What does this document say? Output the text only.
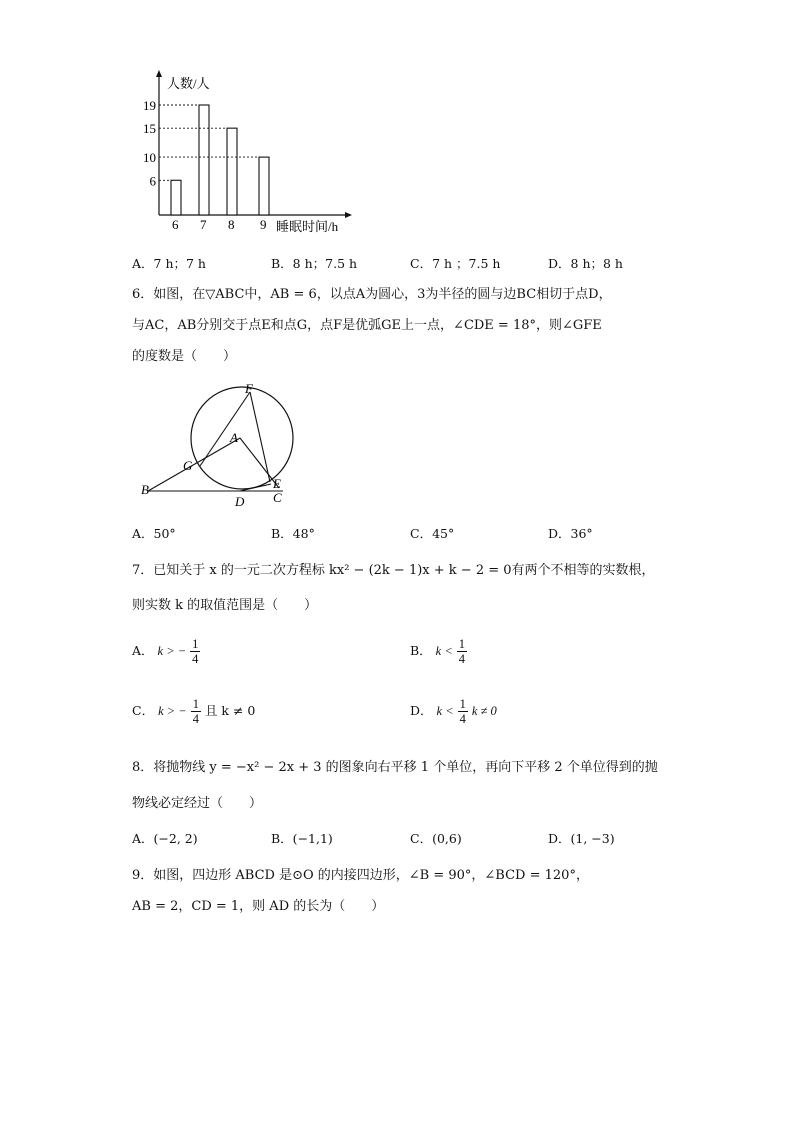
人数/人
睡眠时间/h
6 7 8 9
6
10
15
19
A．7 h；7 h	B．8 h；7.5 h	C．7 h ；7.5 h	D．8 h；8 h
6．如图，在▽ABC中，AB = 6，以点A为圆心，3为半径的圆与边BC相切于点D，
与AC，AB分别交于点E和点G，点F是优弧GE上一点，∠CDE = 18°，则∠GFE
的度数是（　　）
F
A
G
B
D
E
C
A．50°	B．48°	C．45°	D．36°
7．已知关于 x 的一元二次方程标 kx² − (2k − 1)x + k − 2 = 0有两个不相等的实数根，
则实数 k 的取值范围是（　　）
A． k > − $\frac{1}{4}$	B． $k < \frac{1}{4}$
C． k > − $\frac{1}{4}$ 且 k ≠ 0	D． $k < \frac{1}{4}$ k ≠ 0
8．将抛物线 y = −x² − 2x + 3 的图象向右平移 1 个单位，再向下平移 2 个单位得到的抛
物线必定经过（　　）
A．(−2, 2)	B．(−1,1)	C．(0,6)	D．(1, −3)
9．如图，四边形 ABCD 是⊙O 的内接四边形，∠B = 90°，∠BCD = 120°，
AB = 2，CD = 1，则 AD 的长为（　　）
